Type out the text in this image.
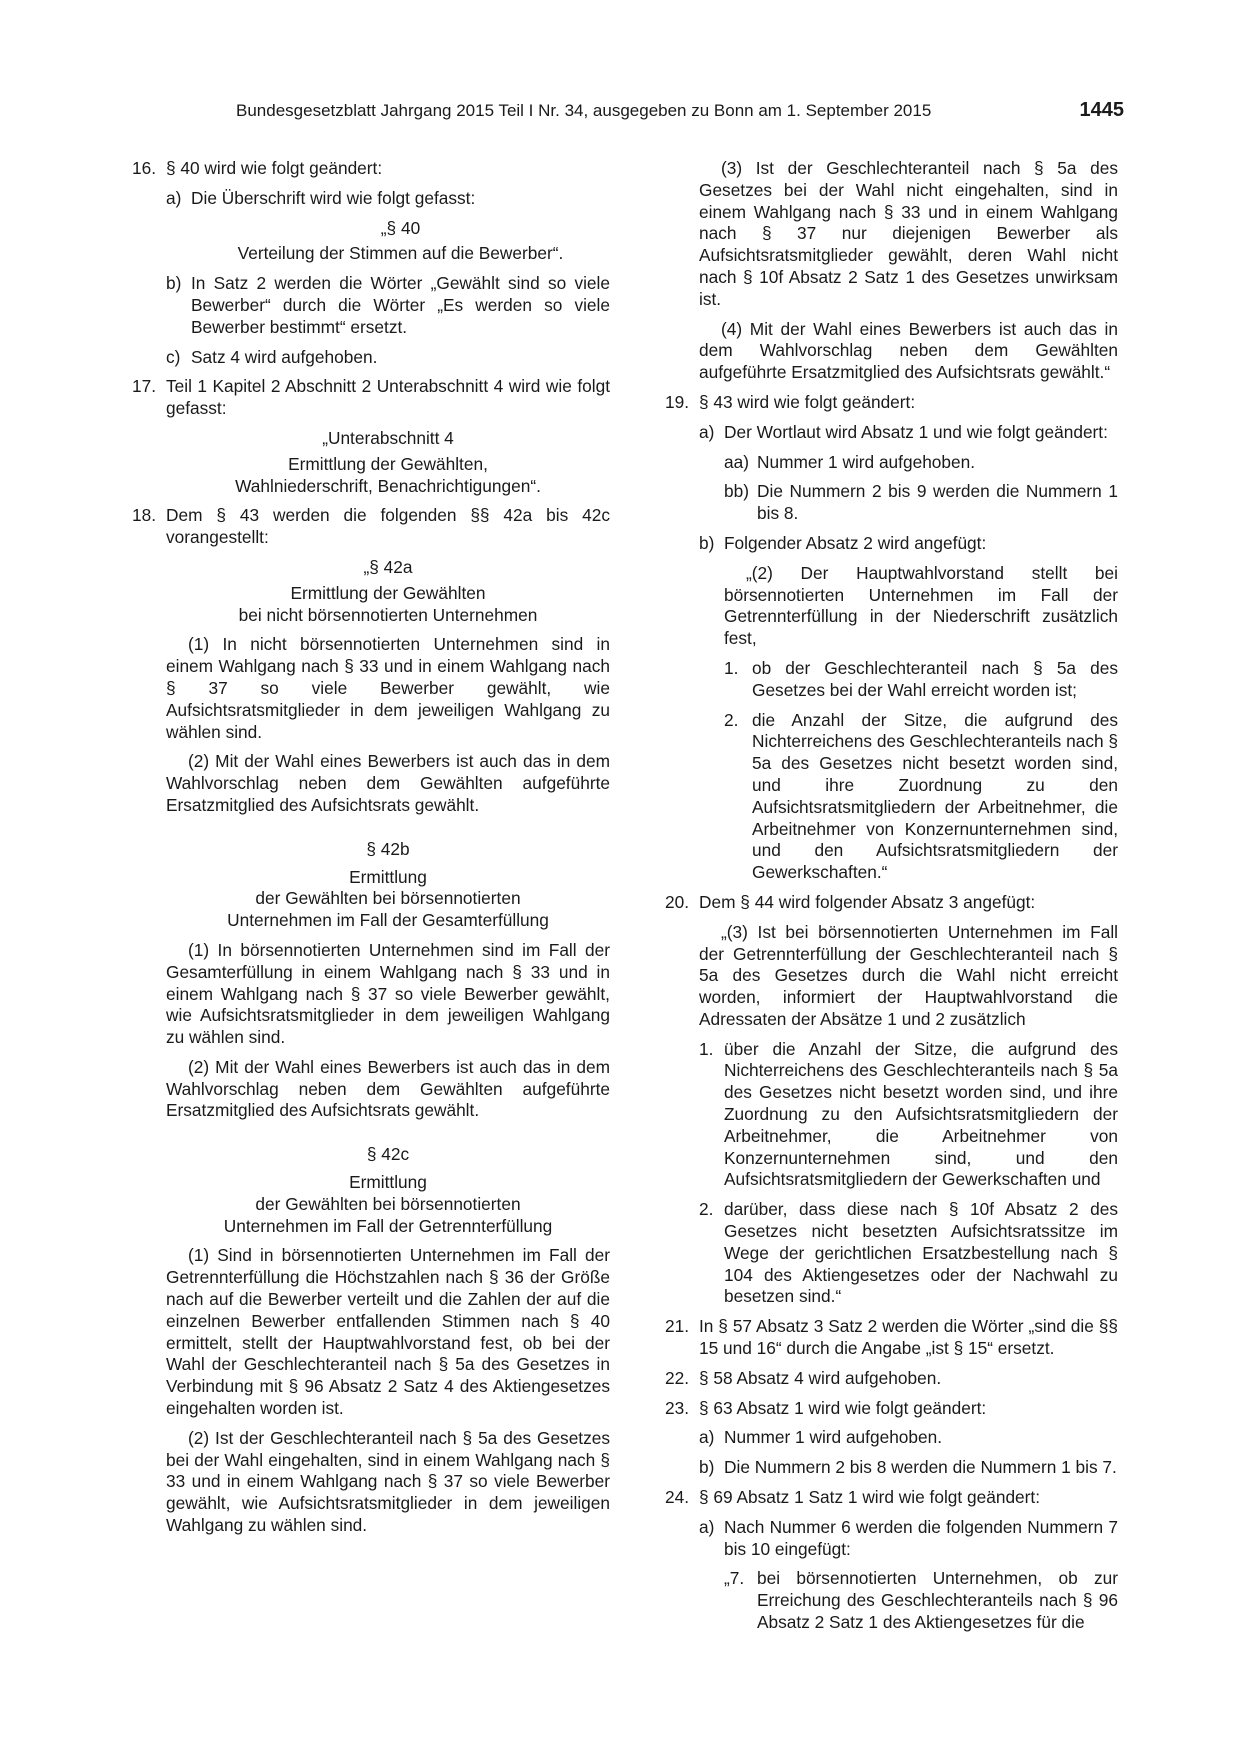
Bundesgesetzblatt Jahrgang 2015 Teil I Nr. 34, ausgegeben zu Bonn am 1. September 2015	1445
16. § 40 wird wie folgt geändert:
a) Die Überschrift wird wie folgt gefasst:
„§ 40
Verteilung der Stimmen auf die Bewerber“.
b) In Satz 2 werden die Wörter „Gewählt sind so viele Bewerber“ durch die Wörter „Es werden so viele Bewerber bestimmt“ ersetzt.
c) Satz 4 wird aufgehoben.
17. Teil 1 Kapitel 2 Abschnitt 2 Unterabschnitt 4 wird wie folgt gefasst:
„Unterabschnitt 4
Ermittlung der Gewählten,
Wahlniederschrift, Benachrichtigungen“.
18. Dem § 43 werden die folgenden §§ 42a bis 42c vorangestellt:
„§ 42a
Ermittlung der Gewählten
bei nicht börsennotierten Unternehmen

(1) In nicht börsennotierten Unternehmen sind in einem Wahlgang nach § 33 und in einem Wahlgang nach § 37 so viele Bewerber gewählt, wie Aufsichtsratsmitglieder in dem jeweiligen Wahlgang zu wählen sind.

(2) Mit der Wahl eines Bewerbers ist auch das in dem Wahlvorschlag neben dem Gewählten aufgeführte Ersatzmitglied des Aufsichtsrats gewählt.

§ 42b
Ermittlung
der Gewählten bei börsennotierten
Unternehmen im Fall der Gesamterfüllung

(1) In börsennotierten Unternehmen sind im Fall der Gesamterfüllung in einem Wahlgang nach § 33 und in einem Wahlgang nach § 37 so viele Bewerber gewählt, wie Aufsichtsratsmitglieder in dem jeweiligen Wahlgang zu wählen sind.

(2) Mit der Wahl eines Bewerbers ist auch das in dem Wahlvorschlag neben dem Gewählten aufgeführte Ersatzmitglied des Aufsichtsrats gewählt.

§ 42c
Ermittlung
der Gewählten bei börsennotierten
Unternehmen im Fall der Getrennterfüllung

(1) Sind in börsennotierten Unternehmen im Fall der Getrennterfüllung die Höchstzahlen nach § 36 der Größe nach auf die Bewerber verteilt und die Zahlen der auf die einzelnen Bewerber entfallenden Stimmen nach § 40 ermittelt, stellt der Hauptwahlvorstand fest, ob bei der Wahl der Geschlechteranteil nach § 5a des Gesetzes in Verbindung mit § 96 Absatz 2 Satz 4 des Aktiengesetzes eingehalten worden ist.

(2) Ist der Geschlechteranteil nach § 5a des Gesetzes bei der Wahl eingehalten, sind in einem Wahlgang nach § 33 und in einem Wahlgang nach § 37 so viele Bewerber gewählt, wie Aufsichtsratsmitglieder in dem jeweiligen Wahlgang zu wählen sind.

(3) Ist der Geschlechteranteil nach § 5a des Gesetzes bei der Wahl nicht eingehalten, sind in einem Wahlgang nach § 33 und in einem Wahlgang nach § 37 nur diejenigen Bewerber als Aufsichtsratsmitglieder gewählt, deren Wahl nicht nach § 10f Absatz 2 Satz 1 des Gesetzes unwirksam ist.

(4) Mit der Wahl eines Bewerbers ist auch das in dem Wahlvorschlag neben dem Gewählten aufgeführte Ersatzmitglied des Aufsichtsrats gewählt.“

19. § 43 wird wie folgt geändert:
a) Der Wortlaut wird Absatz 1 und wie folgt geändert:
aa) Nummer 1 wird aufgehoben.
bb) Die Nummern 2 bis 9 werden die Nummern 1 bis 8.
b) Folgender Absatz 2 wird angefügt:

„(2) Der Hauptwahlvorstand stellt bei börsennotierten Unternehmen im Fall der Getrennterfüllung in der Niederschrift zusätzlich fest,

1. ob der Geschlechteranteil nach § 5a des Gesetzes bei der Wahl erreicht worden ist;
2. die Anzahl der Sitze, die aufgrund des Nichterreichens des Geschlechteranteils nach § 5a des Gesetzes nicht besetzt worden sind, und ihre Zuordnung zu den Aufsichtsratsmitgliedern der Arbeitnehmer, die Arbeitnehmer von Konzernunternehmen sind, und den Aufsichtsratsmitgliedern der Gewerkschaften.“
20. Dem § 44 wird folgender Absatz 3 angefügt:

„(3) Ist bei börsennotierten Unternehmen im Fall der Getrennterfüllung der Geschlechteranteil nach § 5a des Gesetzes durch die Wahl nicht erreicht worden, informiert der Hauptwahlvorstand die Adressaten der Absätze 1 und 2 zusätzlich

1. über die Anzahl der Sitze, die aufgrund des Nichterreichens des Geschlechteranteils nach § 5a des Gesetzes nicht besetzt worden sind, und ihre Zuordnung zu den Aufsichtsratsmitgliedern der Arbeitnehmer, die Arbeitnehmer von Konzernunternehmen sind, und den Aufsichtsratsmitgliedern der Gewerkschaften und
2. darüber, dass diese nach § 10f Absatz 2 des Gesetzes nicht besetzten Aufsichtsratssitze im Wege der gerichtlichen Ersatzbestellung nach § 104 des Aktiengesetzes oder der Nachwahl zu besetzen sind.“
21. In § 57 Absatz 3 Satz 2 werden die Wörter „sind die §§ 15 und 16“ durch die Angabe „ist § 15“ ersetzt.
22. § 58 Absatz 4 wird aufgehoben.
23. § 63 Absatz 1 wird wie folgt geändert:
a) Nummer 1 wird aufgehoben.
b) Die Nummern 2 bis 8 werden die Nummern 1 bis 7.
24. § 69 Absatz 1 Satz 1 wird wie folgt geändert:
a) Nach Nummer 6 werden die folgenden Nummern 7 bis 10 eingefügt:
„7. bei börsennotierten Unternehmen, ob zur Erreichung des Geschlechteranteils nach § 96 Absatz 2 Satz 1 des Aktiengesetzes für die
